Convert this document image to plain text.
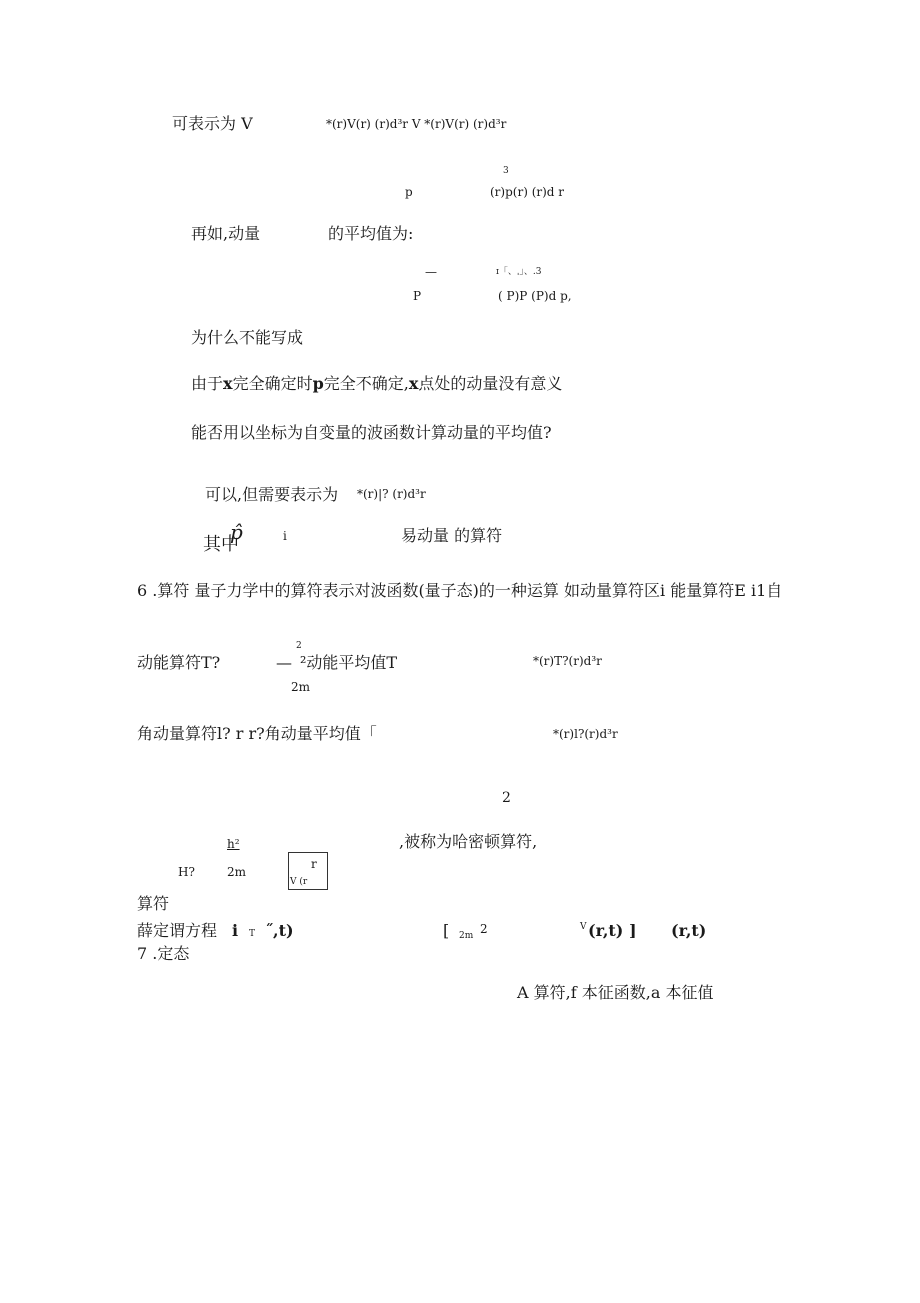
可表示为 V	*(r)V(r) (r)d³r V *(r)V(r) (r)d³r
3
p	(r)p(r) (r)d r
再如,动量	的平均值为:
—	ɪ「、ˌ」、.3
P	( P)P (P)d p,
为什么不能写成
由于x完全确定时p完全不确定,x点处的动量没有意义
能否用以坐标为自变量的波函数计算动量的平均值?
可以,但需要表示为 *(r)|? (r)d³r
其中
p̂	i	易动量 的算符
6 .算符 量子力学中的算符表示对波函数(量子态)的一种运算 如动量算符区i 能量算符E i1自
动能算符T?	—
2
²动能平均值T
2m
*(r)T?(r)d³r
角动量算符l? r r?角动量平均值「	*(r)l?(r)d³r
2
h²
H?	2m
r
V (r
,被称为哈密顿算符,
算符
薛定谓方程 i T ˝,t)	[ 2m 2	V (r,t) ] (r,t)
7 .定态
A 算符,f 本征函数,a 本征值
